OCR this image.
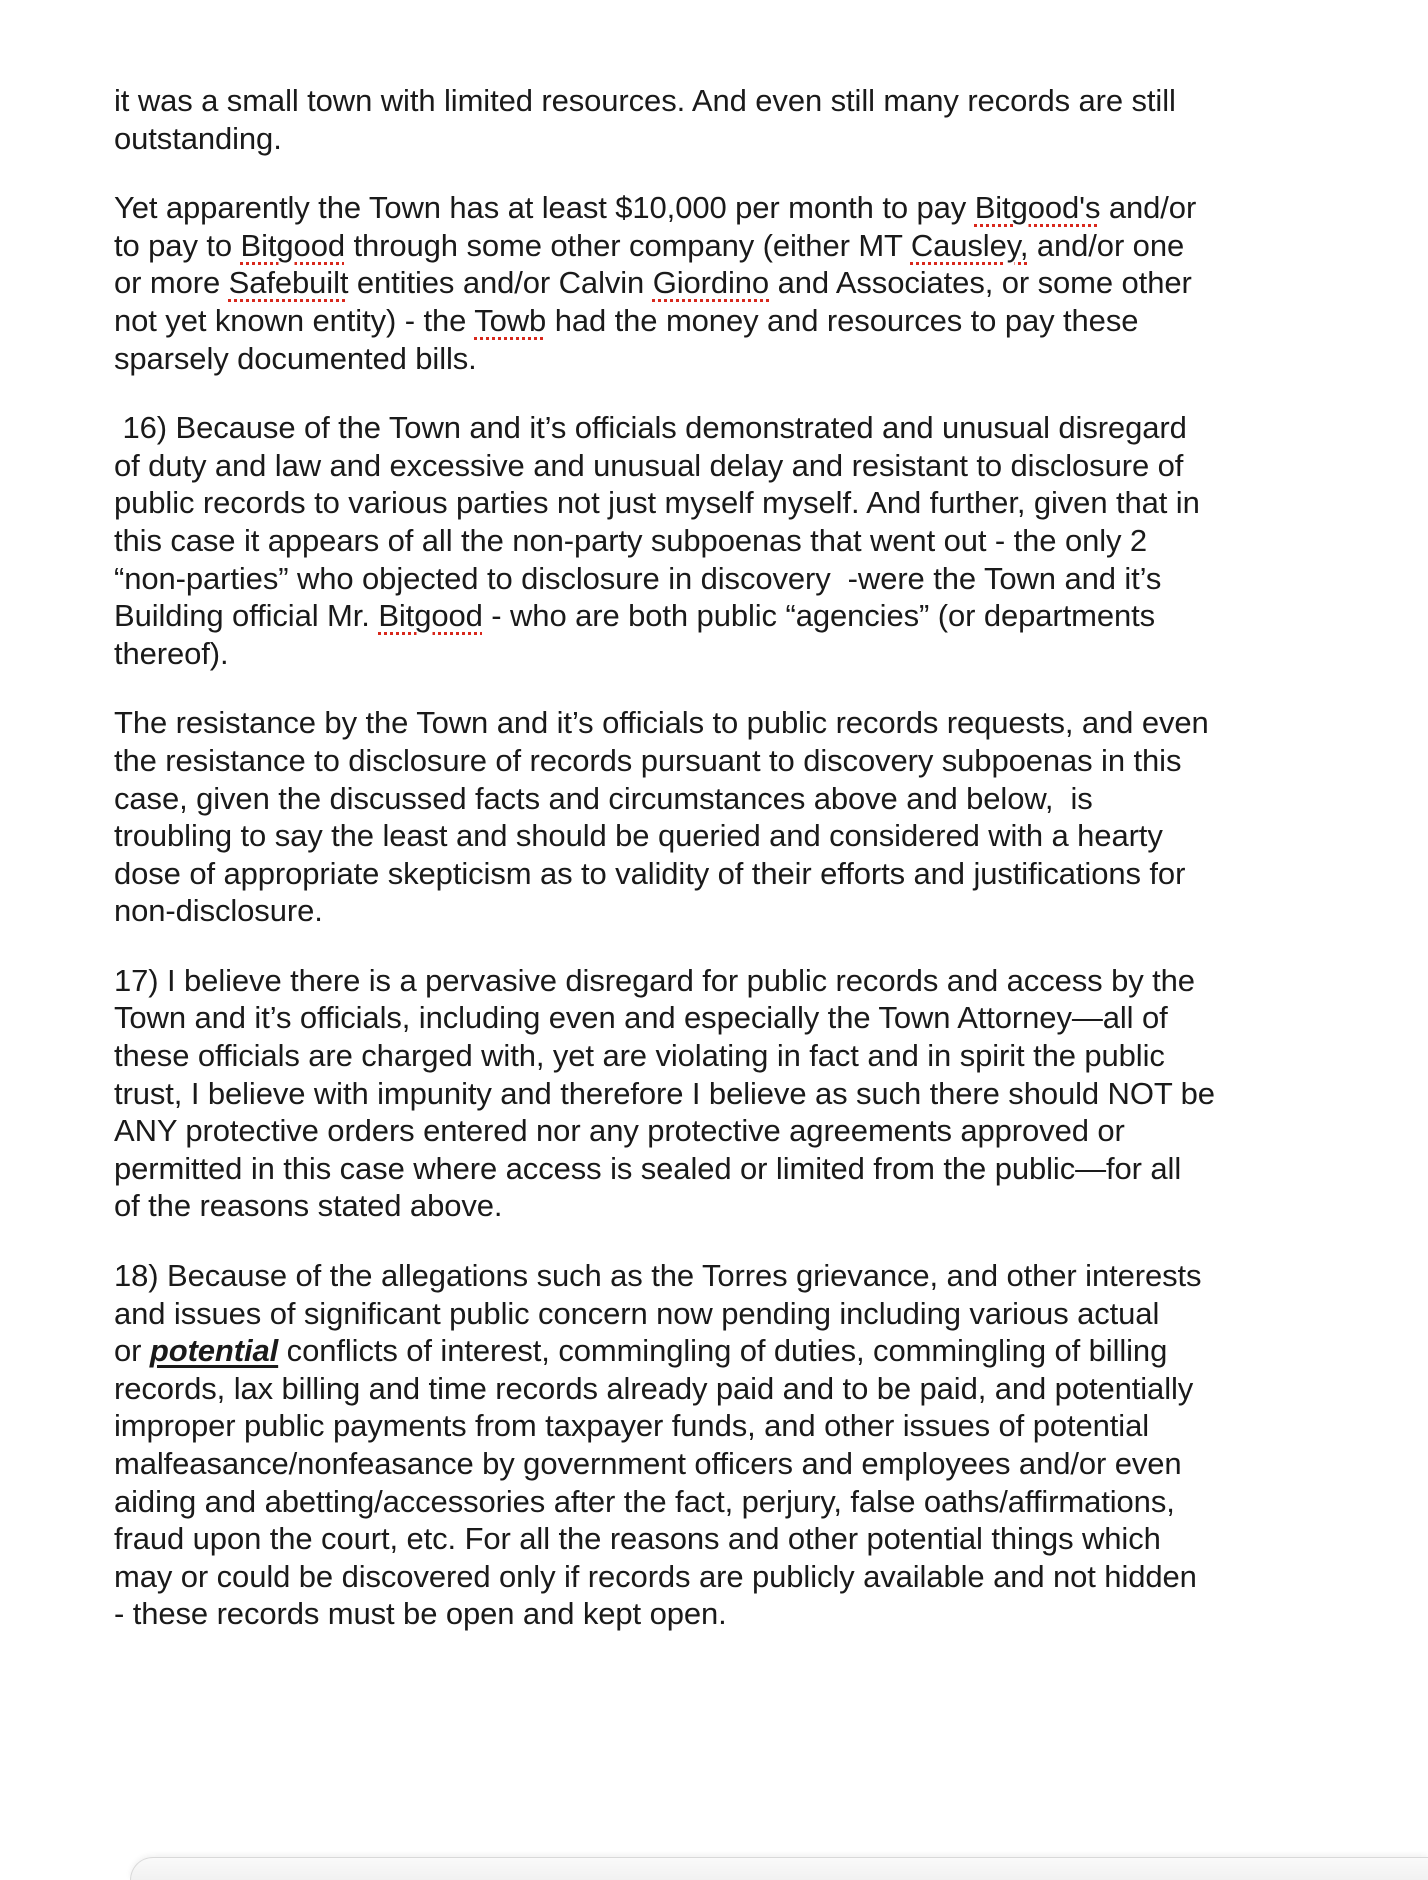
it was a small town with limited resources. And even still many records are still
outstanding.

Yet apparently the Town has at least $10,000 per month to pay Bitgood's and/or
to pay to Bitgood through some other company (either MT Causley, and/or one
or more Safebuilt entities and/or Calvin Giordino and Associates, or some other
not yet known entity) - the Towb had the money and resources to pay these
sparsely documented bills.

16) Because of the Town and it’s officials demonstrated and unusual disregard
of duty and law and excessive and unusual delay and resistant to disclosure of
public records to various parties not just myself myself. And further, given that in
this case it appears of all the non-party subpoenas that went out - the only 2
“non-parties” who objected to disclosure in discovery  -were the Town and it’s
Building official Mr. Bitgood - who are both public “agencies” (or departments
thereof).

The resistance by the Town and it’s officials to public records requests, and even
the resistance to disclosure of records pursuant to discovery subpoenas in this
case, given the discussed facts and circumstances above and below,  is
troubling to say the least and should be queried and considered with a hearty
dose of appropriate skepticism as to validity of their efforts and justifications for
non-disclosure.

17) I believe there is a pervasive disregard for public records and access by the
Town and it’s officials, including even and especially the Town Attorney—all of
these officials are charged with, yet are violating in fact and in spirit the public
trust, I believe with impunity and therefore I believe as such there should NOT be
ANY protective orders entered nor any protective agreements approved or
permitted in this case where access is sealed or limited from the public—for all
of the reasons stated above.

18) Because of the allegations such as the Torres grievance, and other interests
and issues of significant public concern now pending including various actual
or potential conflicts of interest, commingling of duties, commingling of billing
records, lax billing and time records already paid and to be paid, and potentially
improper public payments from taxpayer funds, and other issues of potential
malfeasance/nonfeasance by government officers and employees and/or even
aiding and abetting/accessories after the fact, perjury, false oaths/affirmations,
fraud upon the court, etc. For all the reasons and other potential things which
may or could be discovered only if records are publicly available and not hidden
- these records must be open and kept open.
